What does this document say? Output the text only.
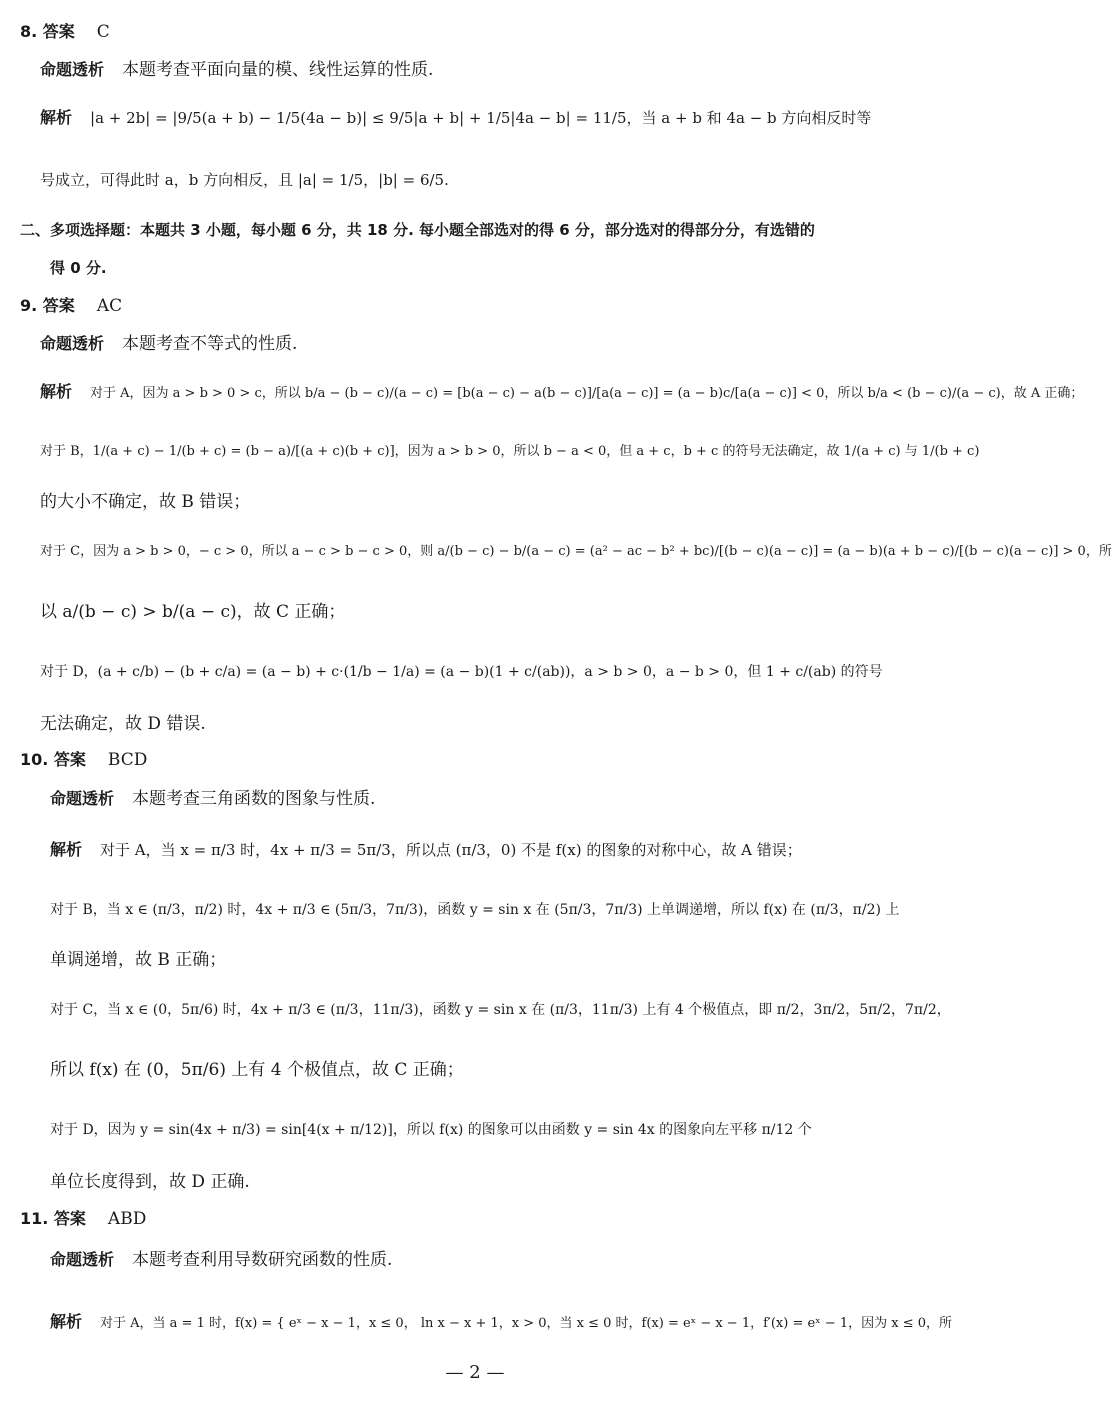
8. 答案 C
命题透析 本题考查平面向量的模、线性运算的性质.
解析 |a + 2b| = |9/5(a + b) − 1/5(4a − b)| ≤ 9/5|a + b| + 1/5|4a − b| = 11/5，当 a + b 和 4a − b 方向相反时等
号成立，可得此时 a，b 方向相反，且 |a| = 1/5，|b| = 6/5.
二、多项选择题：本题共 3 小题，每小题 6 分，共 18 分. 每小题全部选对的得 6 分，部分选对的得部分分，有选错的
得 0 分.
9. 答案 AC
命题透析 本题考查不等式的性质.
解析 对于 A，因为 a > b > 0 > c，所以 b/a − (b − c)/(a − c) = [b(a − c) − a(b − c)]/[a(a − c)] = (a − b)c/[a(a − c)] < 0，所以 b/a < (b − c)/(a − c)，故 A 正确；
对于 B，1/(a + c) − 1/(b + c) = (b − a)/[(a + c)(b + c)]，因为 a > b > 0，所以 b − a < 0，但 a + c，b + c 的符号无法确定，故 1/(a + c) 与 1/(b + c)
的大小不确定，故 B 错误；
对于 C，因为 a > b > 0，− c > 0，所以 a − c > b − c > 0，则 a/(b − c) − b/(a − c) = (a² − ac − b² + bc)/[(b − c)(a − c)] = (a − b)(a + b − c)/[(b − c)(a − c)] > 0，所
以 a/(b − c) > b/(a − c)，故 C 正确；
对于 D，(a + c/b) − (b + c/a) = (a − b) + c·(1/b − 1/a) = (a − b)(1 + c/(ab))，a > b > 0，a − b > 0，但 1 + c/(ab) 的符号
无法确定，故 D 错误.
10. 答案 BCD
命题透析 本题考查三角函数的图象与性质.
解析 对于 A，当 x = π/3 时，4x + π/3 = 5π/3，所以点 (π/3，0) 不是 f(x) 的图象的对称中心，故 A 错误；
对于 B，当 x ∈ (π/3，π/2) 时，4x + π/3 ∈ (5π/3，7π/3)，函数 y = sin x 在 (5π/3，7π/3) 上单调递增，所以 f(x) 在 (π/3，π/2) 上
单调递增，故 B 正确；
对于 C，当 x ∈ (0，5π/6) 时，4x + π/3 ∈ (π/3，11π/3)，函数 y = sin x 在 (π/3，11π/3) 上有 4 个极值点，即 π/2，3π/2，5π/2，7π/2，
所以 f(x) 在 (0，5π/6) 上有 4 个极值点，故 C 正确；
对于 D，因为 y = sin(4x + π/3) = sin[4(x + π/12)]，所以 f(x) 的图象可以由函数 y = sin 4x 的图象向左平移 π/12 个
单位长度得到，故 D 正确.
11. 答案 ABD
命题透析 本题考查利用导数研究函数的性质.
解析 对于 A，当 a = 1 时，f(x) = { eˣ − x − 1，x ≤ 0， ln x − x + 1，x > 0，当 x ≤ 0 时，f(x) = eˣ − x − 1，f′(x) = eˣ − 1，因为 x ≤ 0，所
— 2 —
